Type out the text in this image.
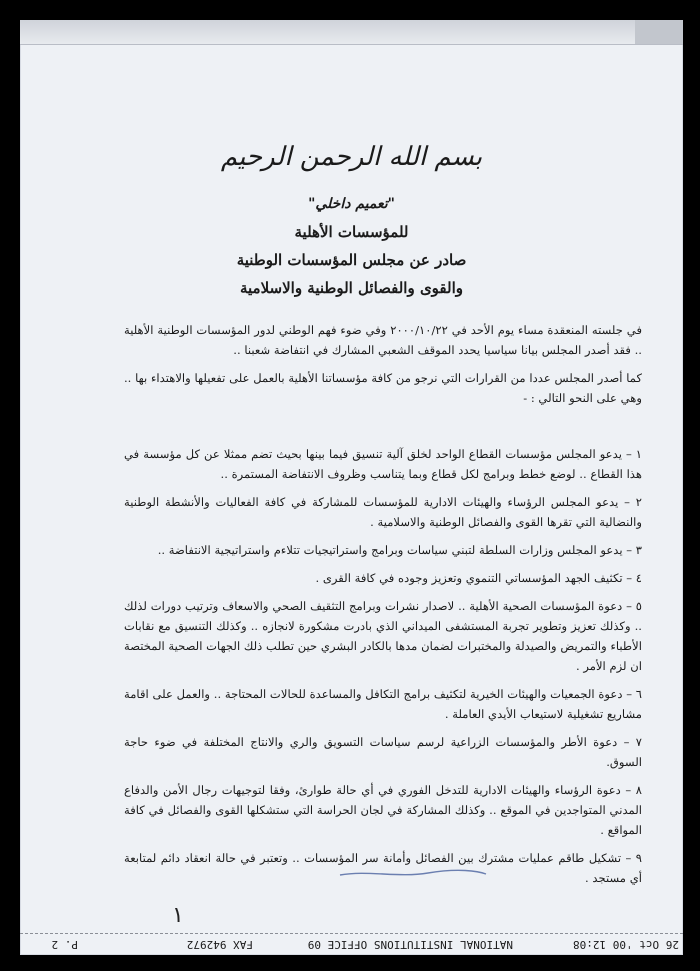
بسم الله الرحمن الرحيم
"تعميم داخلي"
للمؤسسات الأهلية
صادر عن مجلس المؤسسات الوطنية
والقوى والفصائل الوطنية والاسلامية

في جلسته المنعقدة مساء يوم الأحد في ٢٠٠٠/١٠/٢٢ وفي ضوء فهم الوطني لدور المؤسسات الوطنية الأهلية .. فقد أصدر المجلس بيانا سياسيا يحدد الموقف الشعبي المشارك في انتفاضة شعبنا ..

كما أصدر المجلس عددا من القرارات التي نرجو من كافة مؤسساتنا الأهلية بالعمل على تفعيلها والاهتداء بها .. وهي على النحو التالي : -

١ – يدعو المجلس مؤسسات القطاع الواحد لخلق آلية تنسيق فيما بينها بحيث تضم ممثلا عن كل مؤسسة في هذا القطاع .. لوضع خطط وبرامج لكل قطاع وبما يتناسب وظروف الانتفاضة المستمرة ..

٢ – يدعو المجلس الرؤساء والهيئات الادارية للمؤسسات للمشاركة في كافة الفعاليات والأنشطة الوطنية والنضالية التي تقرها القوى والفصائل الوطنية والاسلامية .

٣ – يدعو المجلس وزارات السلطة لتبني سياسات وبرامج واستراتيجيات تتلاءم واستراتيجية الانتفاضة ..

٤ – تكثيف الجهد المؤسساتي التنموي وتعزيز وجوده في كافة القرى .

٥ – دعوة المؤسسات الصحية الأهلية .. لاصدار نشرات وبرامج التثقيف الصحي والاسعاف وترتيب دورات لذلك .. وكذلك تعزيز وتطوير تجربة المستشفى الميداني الذي بادرت مشكورة لانجازه .. وكذلك التنسيق مع نقابات الأطباء والتمريض والصيدلة والمختبرات لضمان مدها بالكادر البشري حين تطلب ذلك الجهات الصحية المختصة ان لزم الأمر .

٦ – دعوة الجمعيات والهيئات الخيرية لتكثيف برامج التكافل والمساعدة للحالات المحتاجة .. والعمل على اقامة مشاريع تشغيلية لاستيعاب الأيدي العاملة .

٧ – دعوة الأطر والمؤسسات الزراعية لرسم سياسات التسويق والري والانتاج المختلفة في ضوء حاجة السوق.

٨ – دعوة الرؤساء والهيئات الادارية للتدخل الفوري في أي حالة طوارئ، وفقا لتوجيهات رجال الأمن والدفاع المدني المتواجدين في الموقع .. وكذلك المشاركة في لجان الحراسة التي ستشكلها القوى والفصائل في كافة المواقع .

٩ – تشكيل طاقم عمليات مشترك بين الفصائل وأمانة سر المؤسسات .. وتعتبر في حالة انعقاد دائم لمتابعة أي مستجد .

١
26 Oct '00 12:08
NATIONAL INSTITUTIONS OFFICE 09
FAX 942972
P. 2
